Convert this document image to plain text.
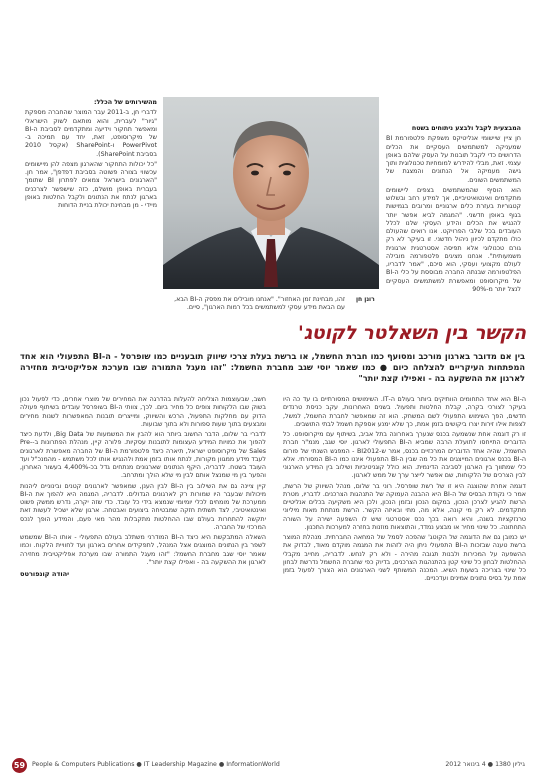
המבצעית לקבל ולבצע ניתוחים בשטח

חן ציין שיישומי אנליטיקס משפקת פלטפורמת BI שמעניקה למשתמשים העסקיים את הכלים הדרושים כדי לקבל תובנות על העסק שלהם באופן עצמי. זאת, מבלי להידרש למומחיות טכנולוגית ותוך גישה מעמיקה אל הנתונים והמצגת של המשתמשים השונים.

הוא הוסיף שהמשתמשים בצפים ליישומים מתקדמים ואינטואיטיביים, אך למידע רחב ובשלוש קטגוריות בעזרת כלים ארגוניים ומרובים בגמישות בגוף באופן חדשני. "המגמה לביא אפשר יותר להנגיש את הכלים והידע העסקי שלנו לכלל העובדים בכל שלבי הפרויקט. אנו רואים שהעולם כולו מתקדם לכיוון ניהול חדשני. זו בעיקר לא רק גורם טכנולוגי אלא תפיסה אסטרטגית ארגונית משמעותית". אנחנו מציגים פלטפורמה מובילה לעולם מקצועי ועסקי, הוא סיכם, "אמר לדבריו, הפלטפורמה שבנתה החברה מבוססת על כלי ה-BI של מיקרוסופט ומאפשרת למשתמשים העסקיים לנצל יותר מ-90%

רונן חן

מהשירותים של הכלל:

לדברי חן, ב-2011 עבר המוצר שהחברה מספקת "גיור" לעברית, והוא מותאם לשוק הישראלי ומאפשר תחקור וידיעה ומתקדמים לסביבת ה-BI של מיקרוסופט, זאת, יחד עם תמיכה ב-PowerPivot ו-SharePoint (אקסל 2010 בסביבת SharePoint).

"כל יכולות התחקור שהארגון מצפה להן מיישומים עכשווי בצורה פשוטה בסביבת דפדפן", אמר חן. "הארגונים בישראל צמאים לפתרון BI שתומך בעברית באופן מושלם, כזה שישפשר לצרכנים בארגון לנתח את הנתונים ולקבל החלטות באופן מיידי - מן מבחינת יכולת בניית הדוחות

זהו, מבחינת זמן האחזור". "אנחנו מובילים את מפסק ה-BI הבא, עם הבאת מידע עסקי למשתמשים בכל רמות הארגון", סיים.
הקשר בין השאלטר לקוטג'
בין אם מדובר בארגון מורכב ומסועף כמו חברת החשמל, או ברשת בעלת צרכי שיווק תובעניים כמו שופרסל - ה-BI התפעולי הוא אחד המפתחות העיקריים להצלחה כיום ● כמו שאמר יוסי שגב מחברת החשמל: "זהו מעגל התמורה שבו מערכת אפליקטיבית מחזירה לארגון את ההשקעה בה - ואפילו קצת יותר"

ה-BI הוא אחד התחומים הוותיקים ביותר בעולם ה-IT. השימושים המסורתיים בו עד כה היו בעיקר לצורכי בקרה, קבלת החלטות ותפעול. בשנים האחרונות, עקב כניסת טרנדים חדשים, הפך השימוש התפעולי לשם המשחק. הוא זה שמאפשר לחברת החשמל, למשל, לצפות אילו זירות יצרו ביקושים בזמן אמת, כך שלא ימנע אספקת חשמל לבתי התושבים.

זו רק דוגמה אחת שנשמעה בכנס שנערך באחרונה בתל אביב, בשיתוף עם מיקרוסופט. כל הדוברים התייחסו לתועלת הרבה שמביא ה-BI התפעולי לארגון. יוסי שגב, מנמ"ר חברת החשמל, שהיה אחד הדוברים המרכזיים בכנס, אמר ש-BI2012 - המפגש השנתי של פורום ה-BI בכנס ארגונים המייצגים את כל מה שבין ה-BI התפעולי איננו כמו ה-BI המסורתי. אלא כלי שמתווך בין הארגון לסביבה הדינמית. הוא כולל קוגניטיביות ושילוב בין המידע הארגוני לבין הצרכים של הלקוחות, שם אפשר לייצר ערך של ממש לארגון.

דוגמה אחרת שהוצגה היא זו של רשת שופרסל. רוני בר שלום, מנהל השיווק של הרשת, אמר כי נקודת הבסיס של ה-BI היא ההבנה העמוקה של התנהגות הצרכנים. לדבריו, מטרת הרשת להגיע לצרכן הנכון, במקום הנכון ובזמן הנכון, ולכן היא משקיעה בכלים אנליטיים מתקדמים. לא רק מי קונה, אלא מה, מתי ובאיזה הקשר. הרשת מנתחת מאות מיליוני טרנזקציות בשנה, והיא רואה בכך נכס אסטרטגי שיש לו השפעה ישירה על השורה התחתונה. כל שינוי מחיר או מבצע נמדד, והתוצאות מוזנות בחזרה למערכות התכנון.

יש כמובן גם את הדוגמה של הקוטג' שהפכה לסמל של המחאה החברתית. מנהלת המוצר ברשת טענה שבזכות ה-BI התפעולי ניתן היה לזהות את המגמה מוקדם מאוד, לבדוק את ההשפעה על המכירות ולבנות תגובה מהירה - ולא רק לנחש. לדבריה, מחייב מקבלי ההחלטות לבחון כל שינוי קטן בהתנהגות הצרכנים, בדיוק כפי שחברת החשמל נדרשת לבחון כל שינוי בצריכה בשעות השיא. המכנה המשותף לשני הארגונים הוא הצורך לפעול בזמן אמת על בסיס נתונים אמינים ועדכניים.

חשב, שבעוצמות הצליחה להעלות בהדרגה את המחירים של מוצרי אחרים, כדי לפעול נכון בשוק שבו הלקוחות צופים כל מחיר ביום. לכך, צוותי ה-BI בשופרסל עובדים בשיתוף פעולה הדוק עם מחלקות התפעול, הרכש והשיווק, ומייצרים תובנות המאפשרות לשנות מחירים ומבצעים בתוך שעות ספורות ולא בתוך שבועות.

לדברי בר שלום, הדבר החשוב ביותר הוא להבין את המשמעות של Big Data, ולדעת כיצד להפוך את כמויות המידע העצומות לתובנות עסקיות. פלורה קיין, מנהלת הפתרונות ב-Pre-Sales של מיקרוסופט ישראל, תיארה כיצד פלטפורמת ה-BI של החברה מאפשרת לארגונים לעבד מידע ממגוון מקורות, לנתח אותו בזמן אמת ולהנגיש אותו לכל משתמש - מהמנכ"ל ועד העובד בשטח. לדבריה, היקף הנתונים שארגונים מנתחים גדל בכ-4,400% בעשור האחרון, והפער בין מי שמנצל אותם לבין מי שלא הולך ומתרחב.

קיין ציינה גם את השילוב בין ה-BI לבין הענן, שמאפשר לארגונים קטנים ובינוניים ליהנות מיכולות שבעבר היו שמורות רק לארגונים הגדולים. לדבריה, המגמה היא להפוך את ה-BI ממערכת של מומחים לכלי יומיומי שנמצא בידי כל עובד. כדי שזה יקרה, נדרש ממשק פשוט ואינטואיטיבי, לצד תשתית חזקה שמבטיחה ביצועים ואבטחה. ארגון שלא ישכיל לעשות זאת יתקשה להתחרות בעולם שבו ההחלטות מתקבלות מהר מאי פעם, והמידע הופך לנכס המרכזי של החברה.

השאלה המתבקשת היא כיצד ה-BI המודרני משתלב בעולם התפעולי - אותו ה-BI שמשמש לשפר בין הנתונים המוצגים אצל המנהל, לתפקידים אחרים בארגון ועד לחוויית הלקוח. וכמו שאמר יוסי שגב מחברת החשמל: "זהו מעגל התמורה שבו מערכת אפליקטיבית מחזירה לארגון את ההשקעה בה - ואפילו קצת יותר".

יהודה קונפורטס

59	People & Computers Publications ● IT Leadership Magazine ● InformationWorld	גיליון 1380 ● 4 בינואר 2012
